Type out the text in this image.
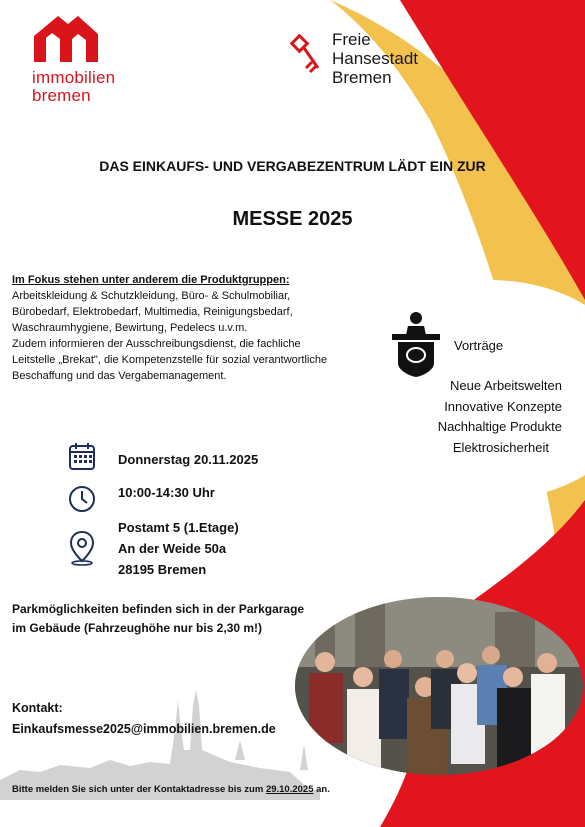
immobilien
bremen
Freie
Hansestadt
Bremen
DAS EINKAUFS- UND VERGABEZENTRUM LÄDT EIN ZUR
MESSE 2025
Im Fokus stehen unter anderem die Produktgruppen:
Arbeitskleidung & Schutzkleidung, Büro- & Schulmobiliar,
Bürobedarf, Elektrobedarf, Multimedia, Reinigungsbedarf,
Waschraumhygiene, Bewirtung, Pedelecs u.v.m.
Zudem informieren der Ausschreibungsdienst, die fachliche
Leitstelle „Brekat", die Kompetenzstelle für sozial verantwortliche
Beschaffung und das Vergabemanagement.
Vorträge
Neue Arbeitswelten
Innovative Konzepte
Nachhaltige Produkte
Elektrosicherheit
Donnerstag 20.11.2025
10:00-14:30 Uhr
Postamt 5 (1.Etage)
An der Weide 50a
28195 Bremen
Parkmöglichkeiten befinden sich in der Parkgarage
im Gebäude (Fahrzeughöhe nur bis 2,30 m!)
Kontakt:
Einkaufsmesse2025@immobilien.bremen.de
Bitte melden Sie sich unter der Kontaktadresse bis zum 29.10.2025 an.
